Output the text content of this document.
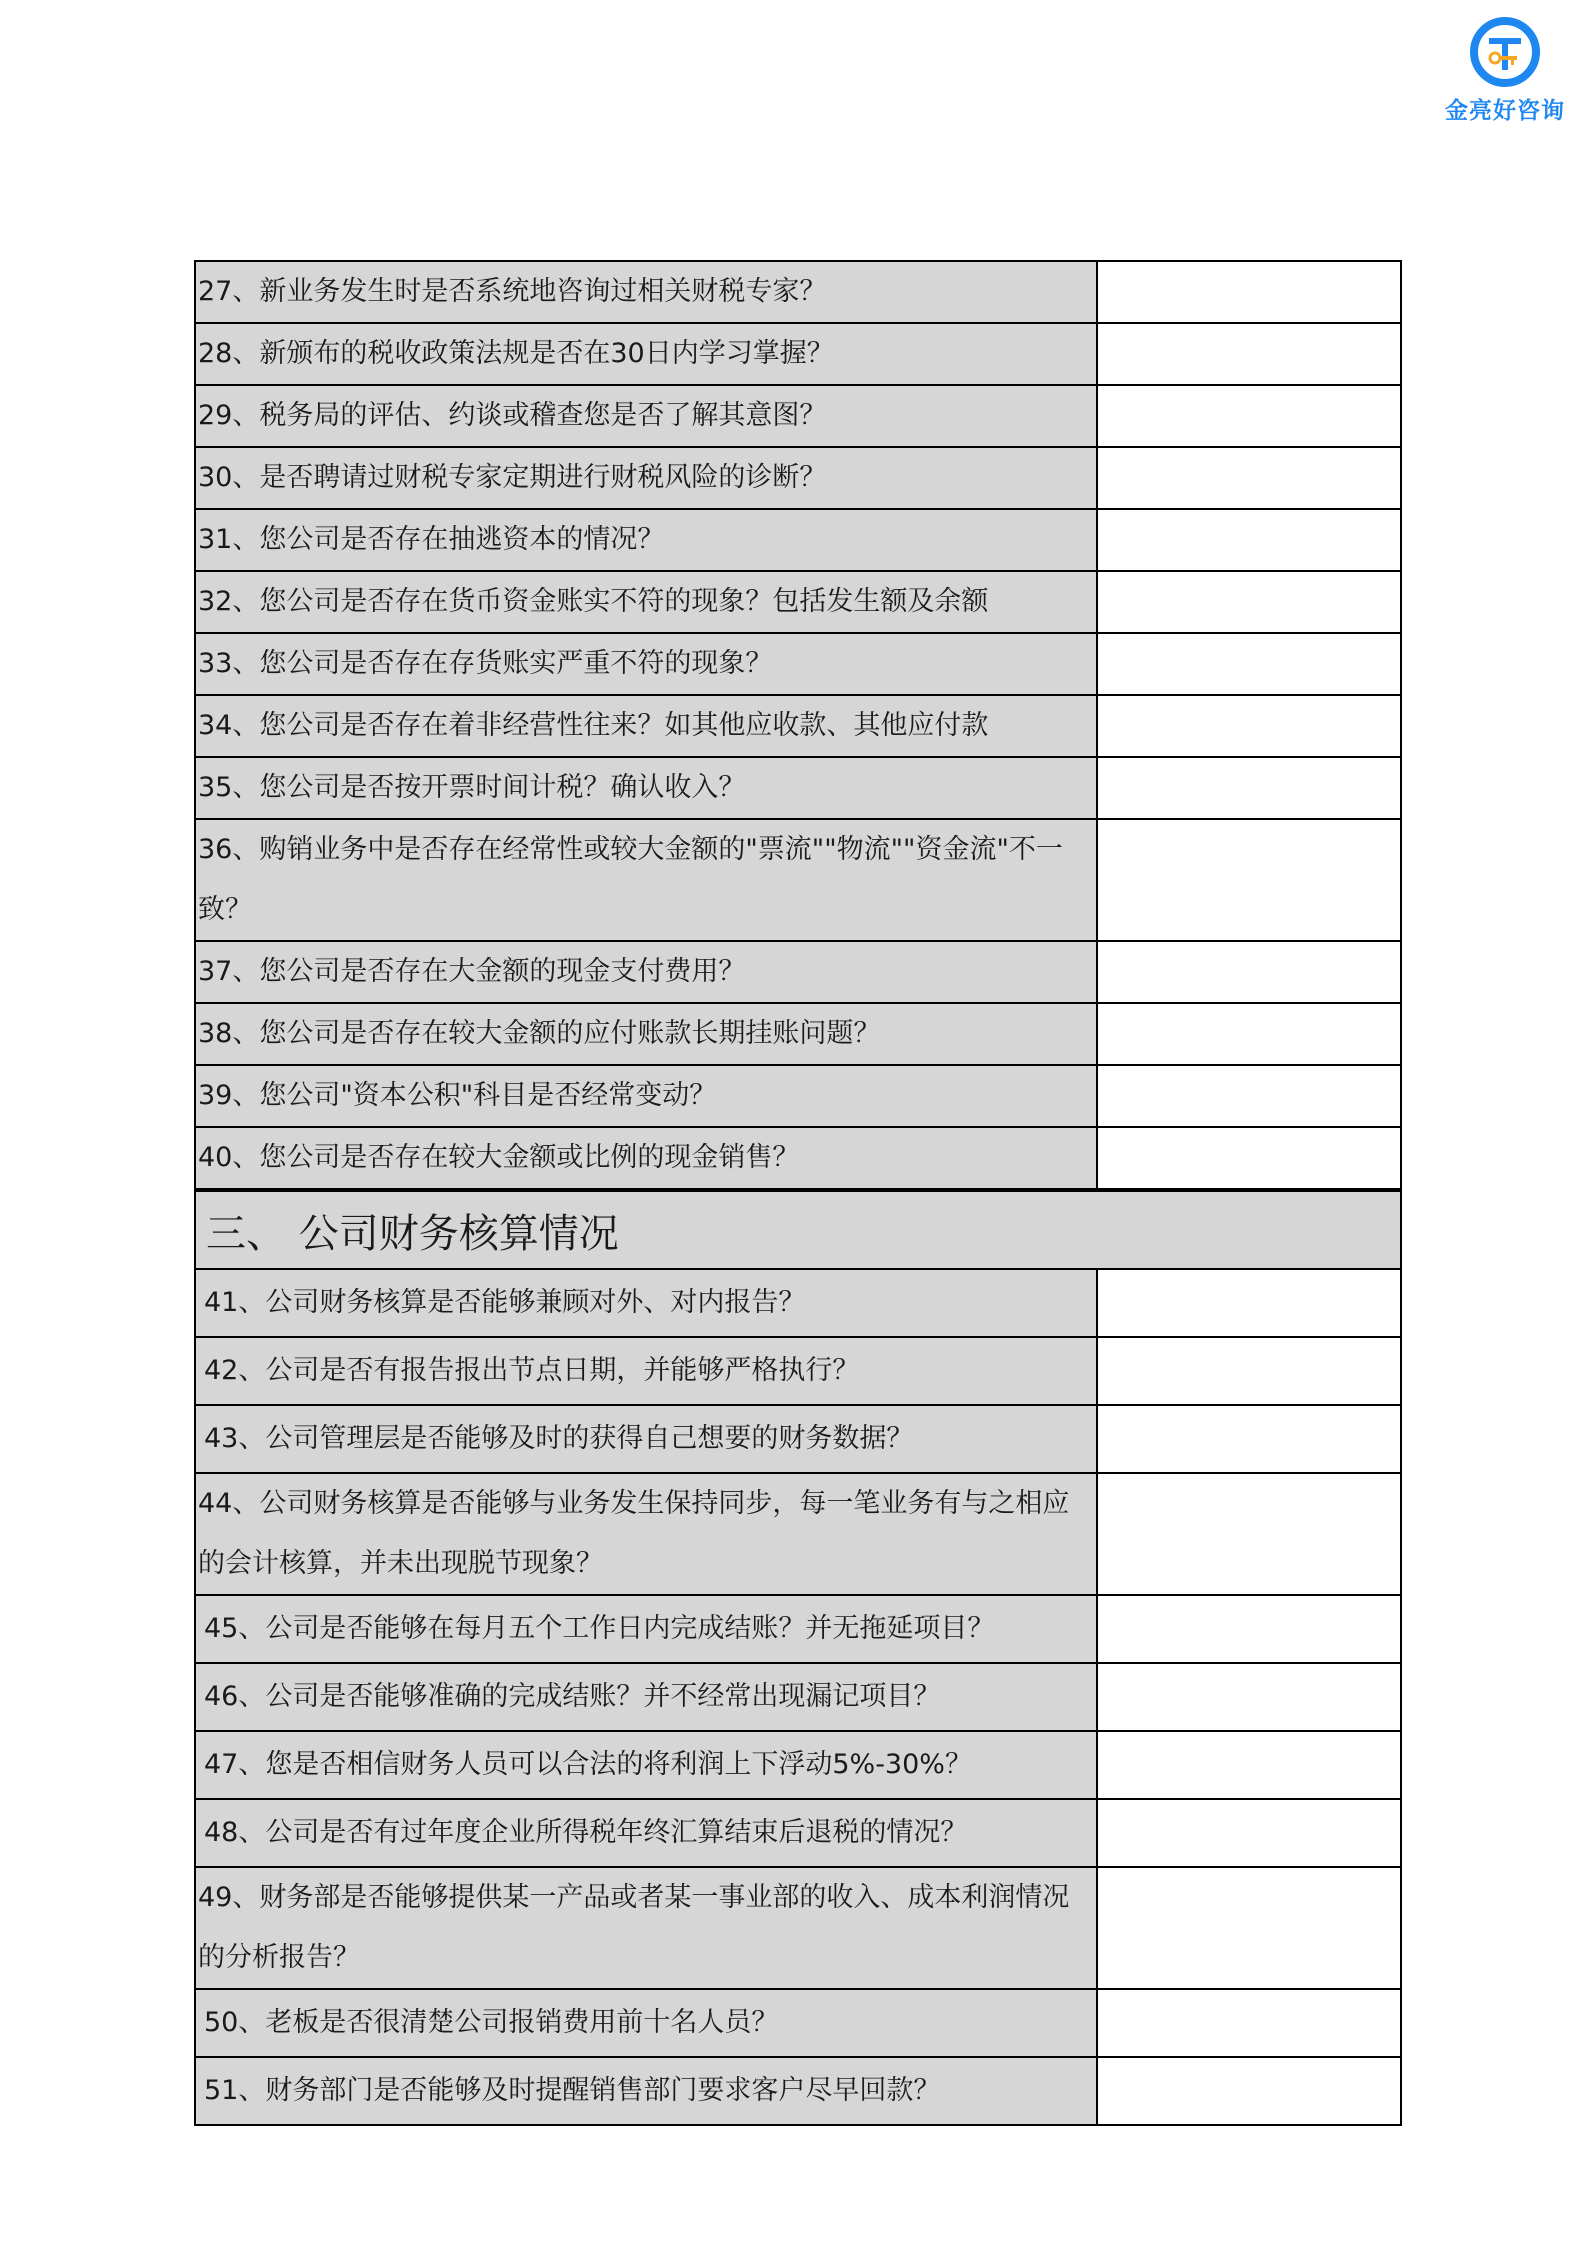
金亮好咨询
27、新业务发生时是否系统地咨询过相关财税专家？	
28、新颁布的税收政策法规是否在30日内学习掌握？	
29、税务局的评估、约谈或稽查您是否了解其意图？	
30、是否聘请过财税专家定期进行财税风险的诊断？	
31、您公司是否存在抽逃资本的情况？	
32、您公司是否存在货币资金账实不符的现象？包括发生额及余额	
33、您公司是否存在存货账实严重不符的现象？	
34、您公司是否存在着非经营性往来？如其他应收款、其他应付款	
35、您公司是否按开票时间计税？确认收入？	
36、购销业务中是否存在经常性或较大金额的"票流""物流""资金流"不一致？	
37、您公司是否存在大金额的现金支付费用？	
38、您公司是否存在较大金额的应付账款长期挂账问题？	
39、您公司"资本公积"科目是否经常变动？	
40、您公司是否存在较大金额或比例的现金销售？	
三、 公司财务核算情况	
41、公司财务核算是否能够兼顾对外、对内报告？	
42、公司是否有报告报出节点日期，并能够严格执行？	
43、公司管理层是否能够及时的获得自己想要的财务数据？	
44、公司财务核算是否能够与业务发生保持同步，每一笔业务有与之相应的会计核算，并未出现脱节现象？	
45、公司是否能够在每月五个工作日内完成结账？并无拖延项目？	
46、公司是否能够准确的完成结账？并不经常出现漏记项目？	
47、您是否相信财务人员可以合法的将利润上下浮动5%-30%？	
48、公司是否有过年度企业所得税年终汇算结束后退税的情况？	
49、财务部是否能够提供某一产品或者某一事业部的收入、成本利润情况的分析报告？	
50、老板是否很清楚公司报销费用前十名人员？	
51、财务部门是否能够及时提醒销售部门要求客户尽早回款？	
